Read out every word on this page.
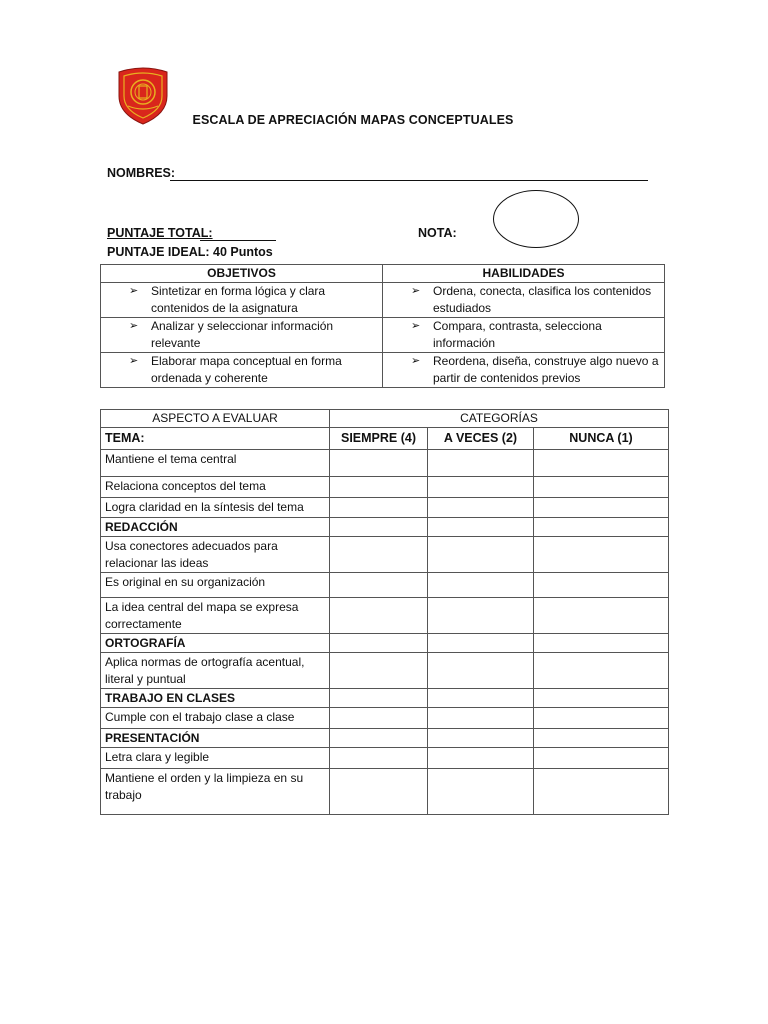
ESCALA DE APRECIACIÓN MAPAS CONCEPTUALES
NOMBRES:
PUNTAJE TOTAL:	NOTA:
PUNTAJE IDEAL: 40 Puntos
OBJETIVOS	HABILIDADES

➢ Sintetizar en forma lógica y clara contenidos de la asignatura	➢ Ordena, conecta, clasifica los contenidos estudiados

➢ Analizar y seleccionar información relevante	➢ Compara, contrasta, selecciona información

➢ Elaborar mapa conceptual en forma ordenada y coherente	➢ Reordena, diseña, construye algo nuevo a partir de contenidos previos
ASPECTO A EVALUAR	CATEGORÍAS		
TEMA:	SIEMPRE (4)	A VECES (2)	NUNCA (1)
Mantiene el tema central			
Relaciona conceptos del tema			
Logra claridad en la síntesis del tema			
REDACCIÓN			
Usa conectores adecuados para relacionar las ideas			
Es original en su organización			
La idea central del mapa se expresa correctamente			
ORTOGRAFÍA			
Aplica normas de ortografía acentual, literal y puntual			
TRABAJO EN CLASES			
Cumple con el trabajo clase a clase			
PRESENTACIÓN			
Letra clara y legible			
Mantiene el orden y la limpieza en su trabajo			
